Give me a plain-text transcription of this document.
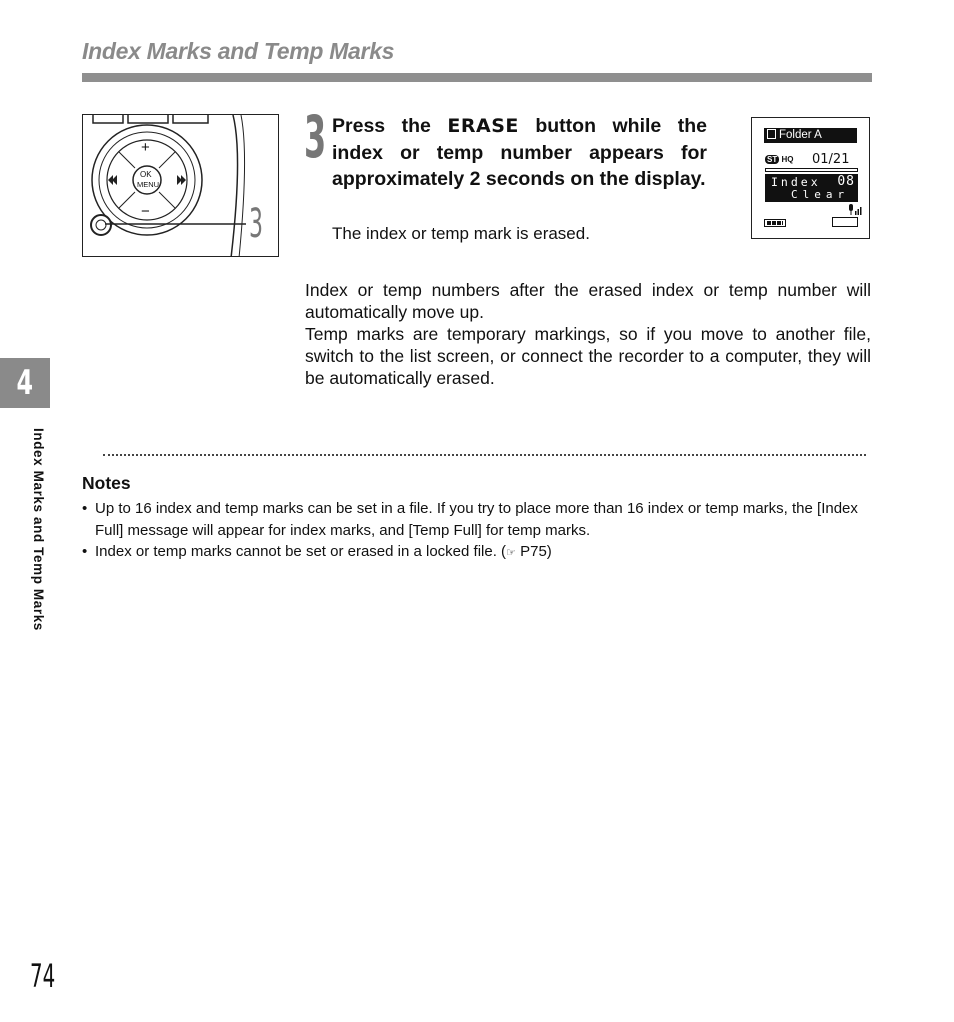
Index Marks and Temp Marks
+
−
OK
MENU
3
3 Press the ERASE button while the index or temp number appears for approximately 2 seconds on the display.
The index or temp mark is erased.
Folder A
ST HQ 01/21
Index 08
Clear

Index or temp numbers after the erased index or temp number will automatically move up.

Temp marks are temporary markings, so if you move to another file, switch to the list screen, or connect the recorder to a computer, they will be automatically erased.

Notes
• Up to 16 index and temp marks can be set in a file. If you try to place more than 16 index or temp marks, the [Index Full] message will appear for index marks, and [Temp Full] for temp marks.
• Index or temp marks cannot be set or erased in a locked file. (☞ P75)
4
Index Marks and Temp Marks
74
